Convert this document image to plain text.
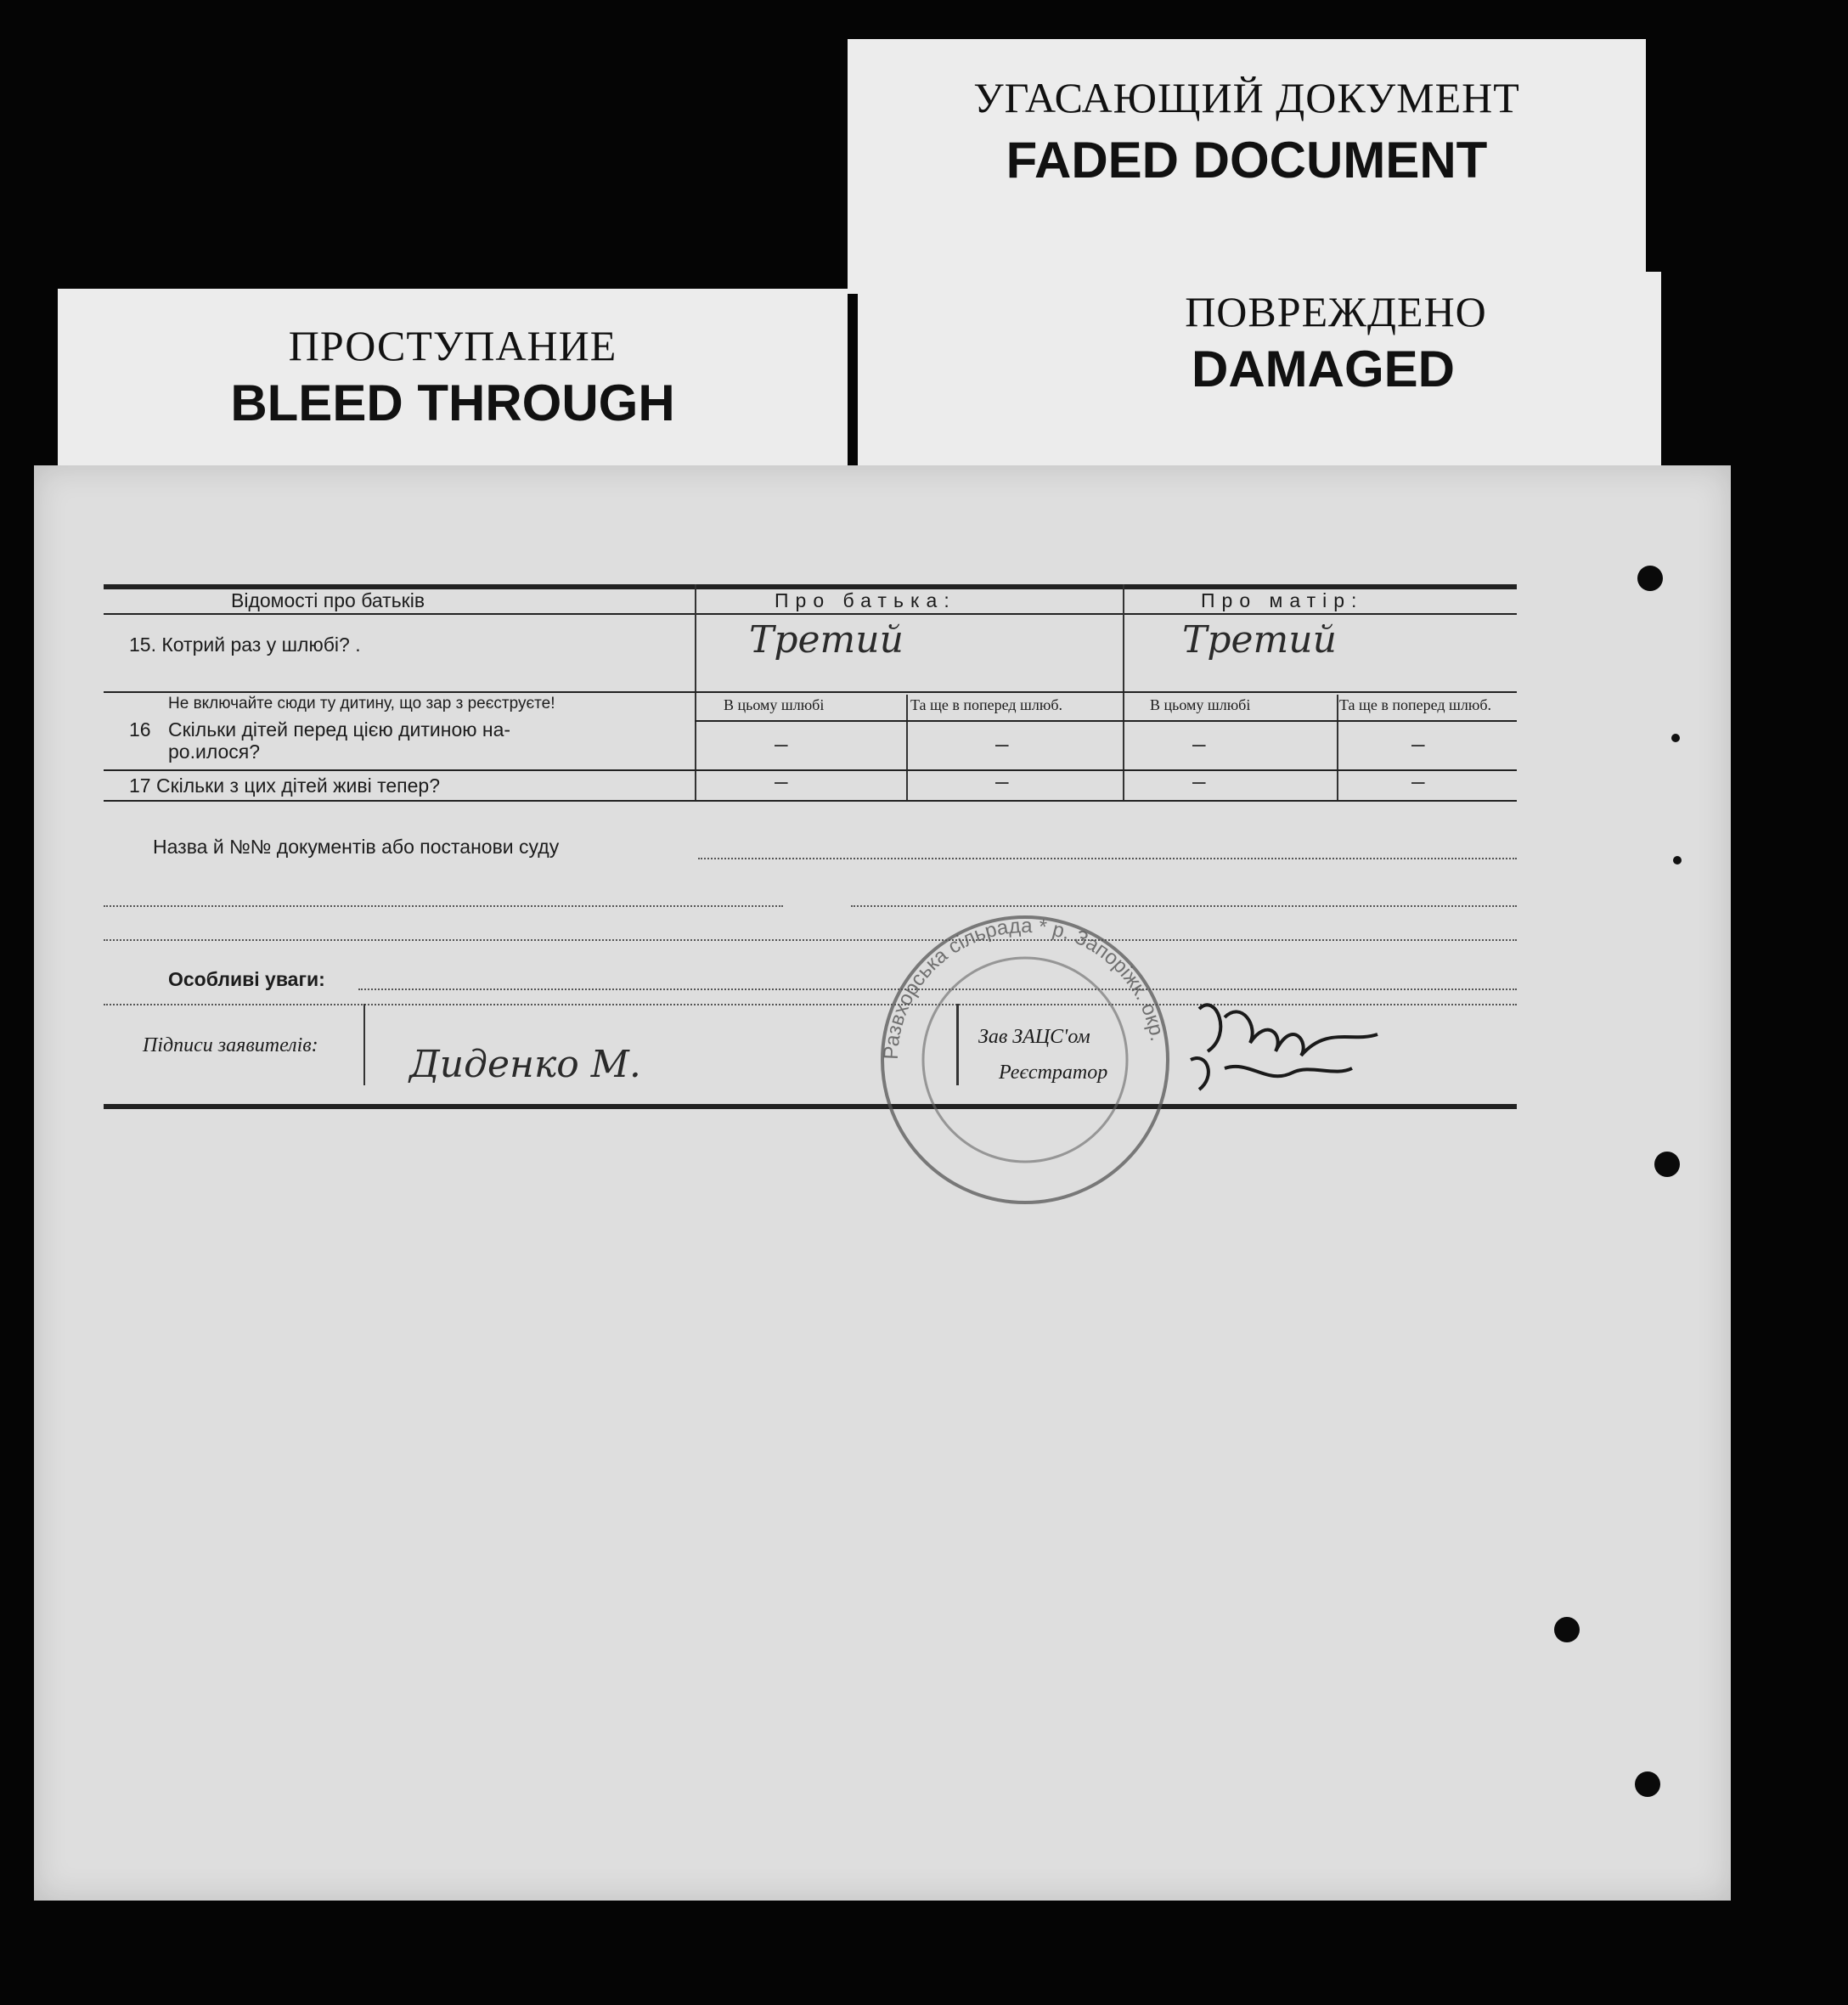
УГАСАЮЩИЙ ДОКУМЕНТ
FADED DOCUMENT
ПОВРЕЖДЕНО
DAMAGED
ПРОСТУПАНИЕ
BLEED THROUGH
Відомості про батьків	Про батька:	Про матір:
15. Котрий раз у шлюбі? .	Третий	Третий
Не включайте сюди ту дитину, що зар з реєструєте!
16 Скільки дітей перед цією дитиною на-
ро.илося?
В цьому шлюбі	Та ще в поперед шлюб.	В цьому шлюбі	Та ще в поперед шлюб.
–	–	–	–
17 Скільки з цих дітей живі тепер?	–	–	–	–
Назва й №№ документів або постанови суду
Особливі уваги:
Підписи заявителів: Диденко М.
Зав ЗАЦС'ом
Реєстратор
Развхорська сільрада * р. Запоріжк. окр.
